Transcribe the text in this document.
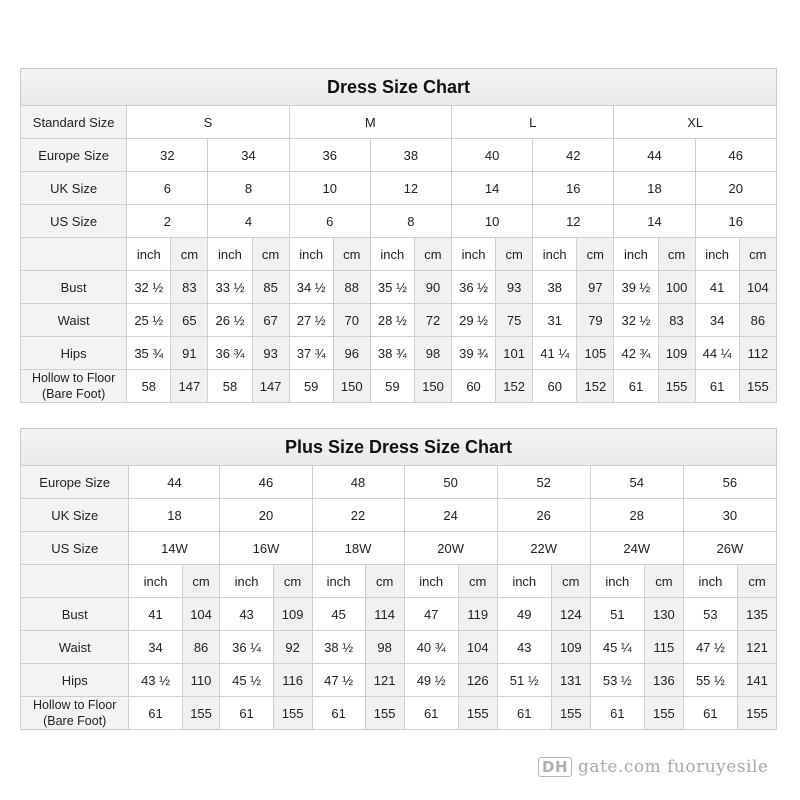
Dress Size Chart
Standard Size	S				M				L				XL			
Europe Size	32		34		36		38		40		42		44		46	
UK Size	6		8		10		12		14		16		18		20	
US Size	2		4		6		8		10		12		14		16	
	inch	cm	inch	cm	inch	cm	inch	cm	inch	cm	inch	cm	inch	cm	inch	cm
Bust	32 ½	83	33 ½	85	34 ½	88	35 ½	90	36 ½	93	38	97	39 ½	100	41	104
Waist	25 ½	65	26 ½	67	27 ½	70	28 ½	72	29 ½	75	31	79	32 ½	83	34	86
Hips	35 ¾	91	36 ¾	93	37 ¾	96	38 ¾	98	39 ¾	101	41 ¼	105	42 ¾	109	44 ¼	112
Hollow to Floor
(Bare Foot)	58	147	58	147	59	150	59	150	60	152	60	152	61	155	61	155
Plus Size Dress Size Chart
Europe Size	44		46		48		50		52		54		56	
UK Size	18		20		22		24		26		28		30	
US Size	14W		16W		18W		20W		22W		24W		26W	
	inch	cm	inch	cm	inch	cm	inch	cm	inch	cm	inch	cm	inch	cm
Bust	41	104	43	109	45	114	47	119	49	124	51	130	53	135
Waist	34	86	36 ¼	92	38 ½	98	40 ¾	104	43	109	45 ¼	115	47 ½	121
Hips	43 ½	110	45 ½	116	47 ½	121	49 ½	126	51 ½	131	53 ½	136	55 ½	141
Hollow to Floor
(Bare Foot)	61	155	61	155	61	155	61	155	61	155	61	155	61	155
DH gate.com fuoruyesile
